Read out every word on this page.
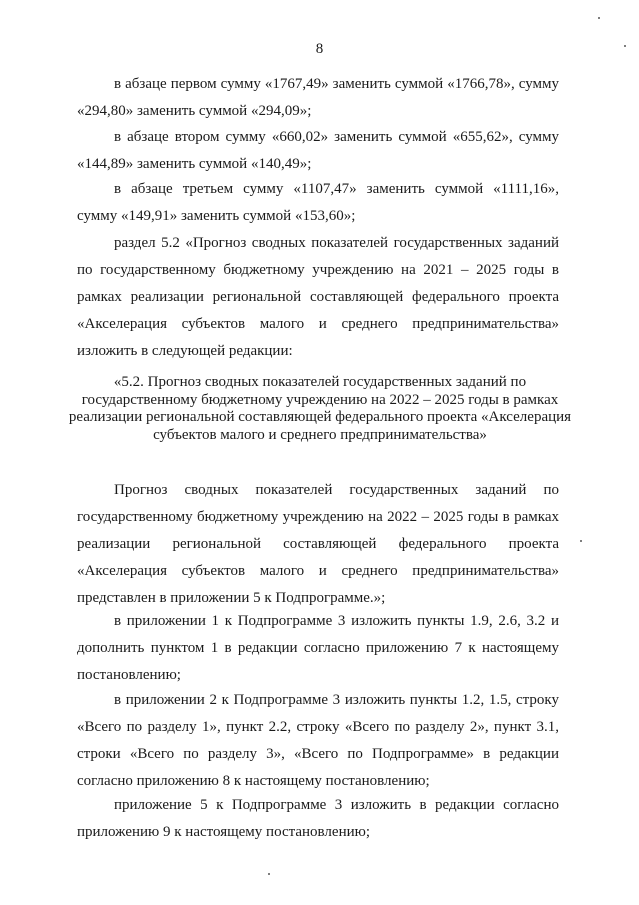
8

в абзаце первом сумму «1767,49» заменить суммой «1766,78», сумму «294,80» заменить суммой «294,09»;

в абзаце втором сумму «660,02» заменить суммой «655,62», сумму «144,89» заменить суммой «140,49»;

в абзаце третьем сумму «1107,47» заменить суммой «1111,16», сумму «149,91» заменить суммой «153,60»;

раздел 5.2 «Прогноз сводных показателей государственных заданий по государственному бюджетному учреждению на 2021 – 2025 годы в рамках реализации региональной составляющей федерального проекта «Акселерация субъектов малого и среднего предпринимательства» изложить в следующей редакции:

«5.2. Прогноз сводных показателей государственных заданий по государственному бюджетному учреждению на 2022 – 2025 годы в рамках реализации региональной составляющей федерального проекта «Акселерация субъектов малого и среднего предпринимательства»

Прогноз сводных показателей государственных заданий по государственному бюджетному учреждению на 2022 – 2025 годы в рамках реализации региональной составляющей федерального проекта «Акселерация субъектов малого и среднего предпринимательства» представлен в приложении 5 к Подпрограмме.»;

в приложении 1 к Подпрограмме 3 изложить пункты 1.9, 2.6, 3.2 и дополнить пунктом 1 в редакции согласно приложению 7 к настоящему постановлению;

в приложении 2 к Подпрограмме 3 изложить пункты 1.2, 1.5, строку «Всего по разделу 1», пункт 2.2, строку «Всего по разделу 2», пункт 3.1, строки «Всего по разделу 3», «Всего по Подпрограмме» в редакции согласно приложению 8 к настоящему постановлению;

приложение 5 к Подпрограмме 3 изложить в редакции согласно приложению 9 к настоящему постановлению;
